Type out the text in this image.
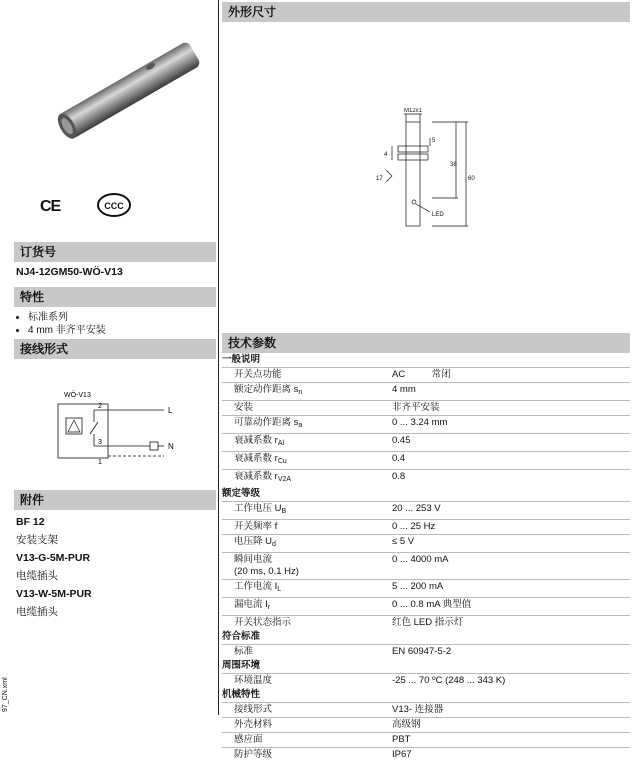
CE	CCC
订货号
NJ4-12GM50-WÖ-V13
特性
• 标准系列
• 4 mm 非齐平安装
接线形式
WÖ-V13
2
3
1
L
N
附件

BF 12

安装支架

V13-G-5M-PUR

电缆插头

V13-W-5M-PUR

电缆插头

97_CN.xml
外形尺寸
M12x1
5
4
17
38
60
LED
技术参数
一般说明	
开关点功能	AC          常闭
额定动作距离 $s_n$	4 mm
安装	非齐平安装
可靠动作距离 $s_a$	0 ... 3.24 mm
衰减系数 $r_{Al}$	0.45
衰减系数 $r_{Cu}$	0.4
衰减系数 $r_{V2A}$	0.8
额定等级	
工作电压 $U_B$	20 ... 253 V
开关频率 f	0 ... 25 Hz
电压降 $U_d$	≤ 5 V
瞬间电流
(20 ms, 0.1 Hz)	0 ... 4000 mA
工作电流 $I_L$	5 ... 200 mA
漏电流 $I_r$	0 ... 0.8 mA 典型值
开关状态指示	红色 LED 指示灯
符合标准	
标准	EN 60947-5-2
周围环境	
环境温度	-25 ... 70 ºC (248 ... 343 K)
机械特性	
接线形式	V13- 连接器
外壳材料	高级钢
感应面	PBT
防护等级	IP67
